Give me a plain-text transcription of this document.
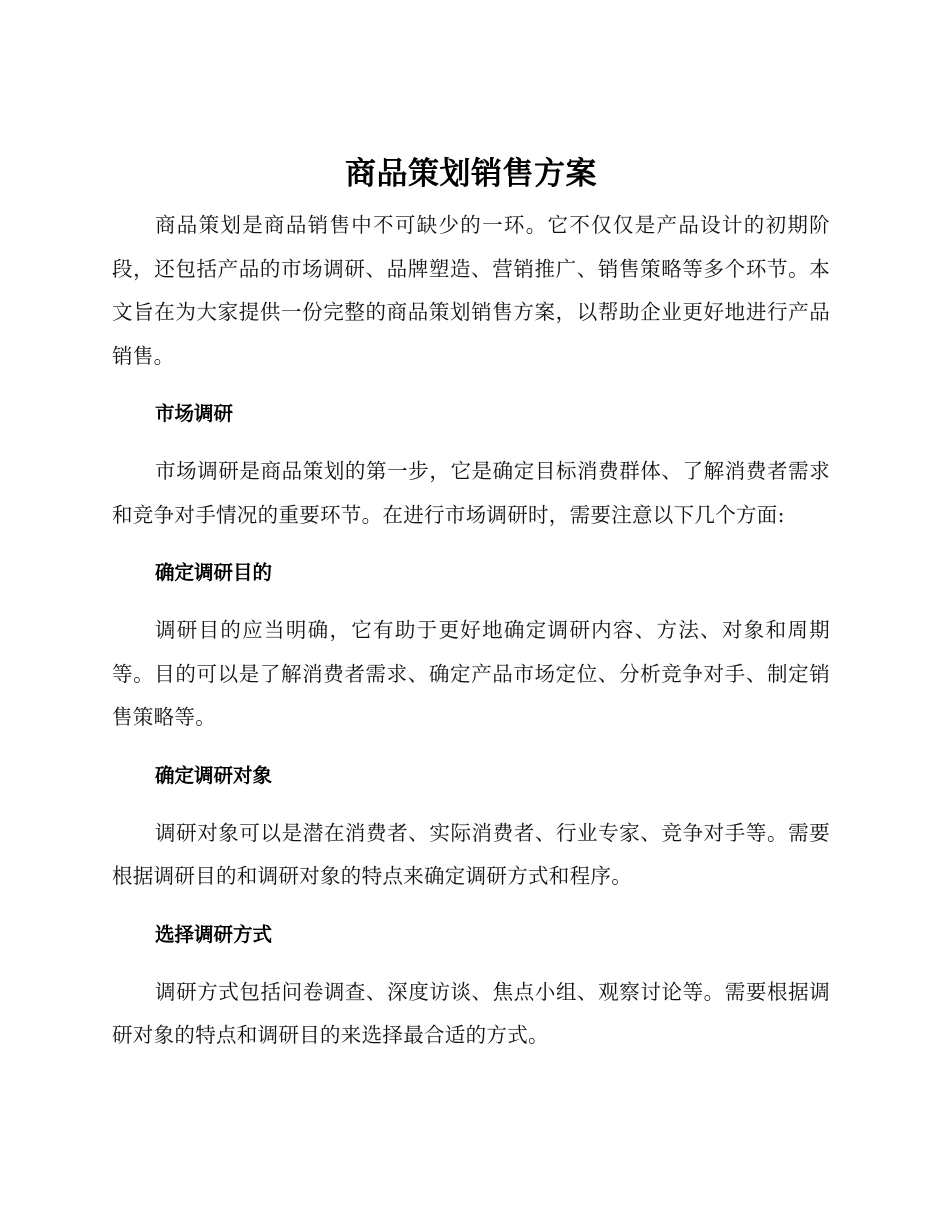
商品策划销售方案

商品策划是商品销售中不可缺少的一环。它不仅仅是产品设计的初期阶段，还包括产品的市场调研、品牌塑造、营销推广、销售策略等多个环节。本文旨在为大家提供一份完整的商品策划销售方案，以帮助企业更好地进行产品销售。

市场调研

市场调研是商品策划的第一步，它是确定目标消费群体、了解消费者需求和竞争对手情况的重要环节。在进行市场调研时，需要注意以下几个方面:

确定调研目的

调研目的应当明确，它有助于更好地确定调研内容、方法、对象和周期等。目的可以是了解消费者需求、确定产品市场定位、分析竞争对手、制定销售策略等。

确定调研对象

调研对象可以是潜在消费者、实际消费者、行业专家、竞争对手等。需要根据调研目的和调研对象的特点来确定调研方式和程序。

选择调研方式

调研方式包括问卷调查、深度访谈、焦点小组、观察讨论等。需要根据调研对象的特点和调研目的来选择最合适的方式。
